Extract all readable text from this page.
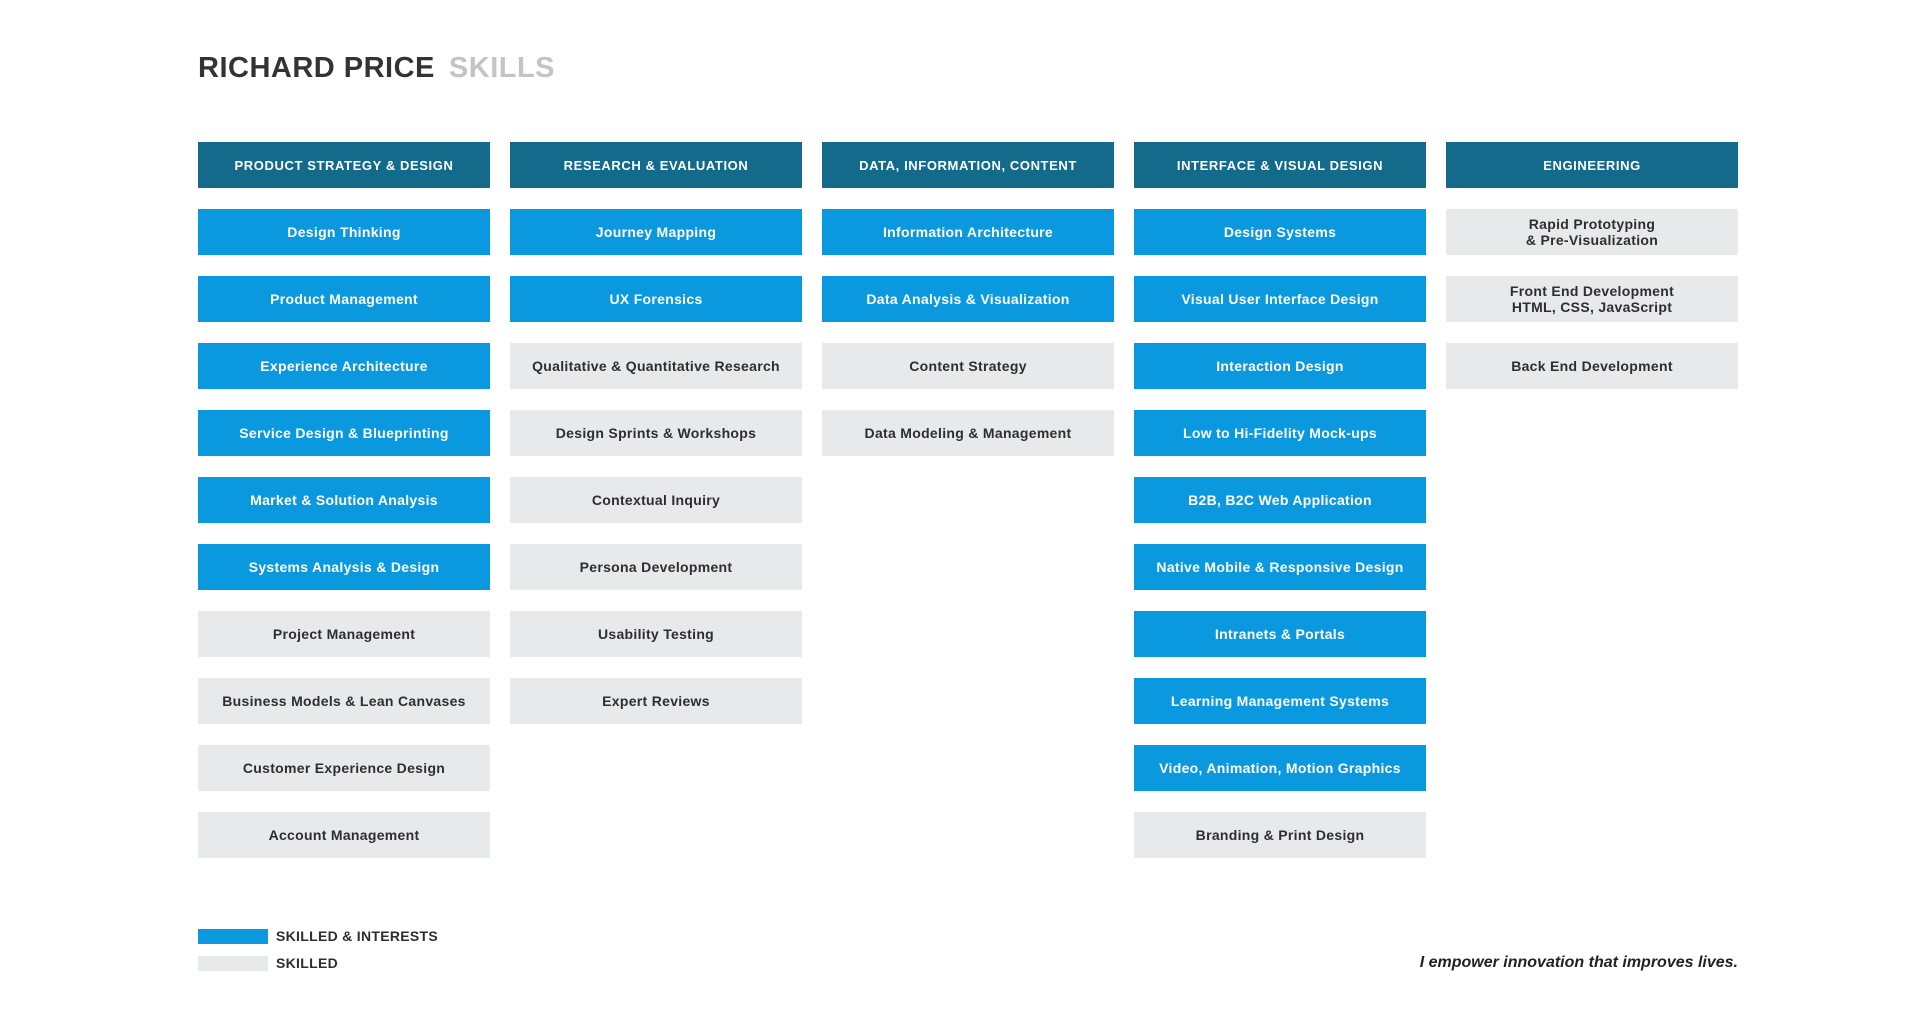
RICHARD PRICE SKILLS
PRODUCT STRATEGY & DESIGN
Design Thinking
Product Management
Experience Architecture
Service Design & Blueprinting
Market & Solution Analysis
Systems Analysis & Design
Project Management
Business Models & Lean Canvases
Customer Experience Design
Account Management
RESEARCH & EVALUATION
Journey Mapping
UX Forensics
Qualitative & Quantitative Research
Design Sprints & Workshops
Contextual Inquiry
Persona Development
Usability Testing
Expert Reviews
DATA, INFORMATION, CONTENT
Information Architecture
Data Analysis & Visualization
Content Strategy
Data Modeling & Management
INTERFACE & VISUAL DESIGN
Design Systems
Visual User Interface Design
Interaction Design
Low to Hi-Fidelity Mock-ups
B2B, B2C Web Application
Native Mobile & Responsive Design
Intranets & Portals
Learning Management Systems
Video, Animation, Motion Graphics
Branding & Print Design
ENGINEERING
Rapid Prototyping
& Pre-Visualization
Front End Development
HTML, CSS, JavaScript
Back End Development
SKILLED & INTERESTS
SKILLED	I empower innovation that improves lives.
